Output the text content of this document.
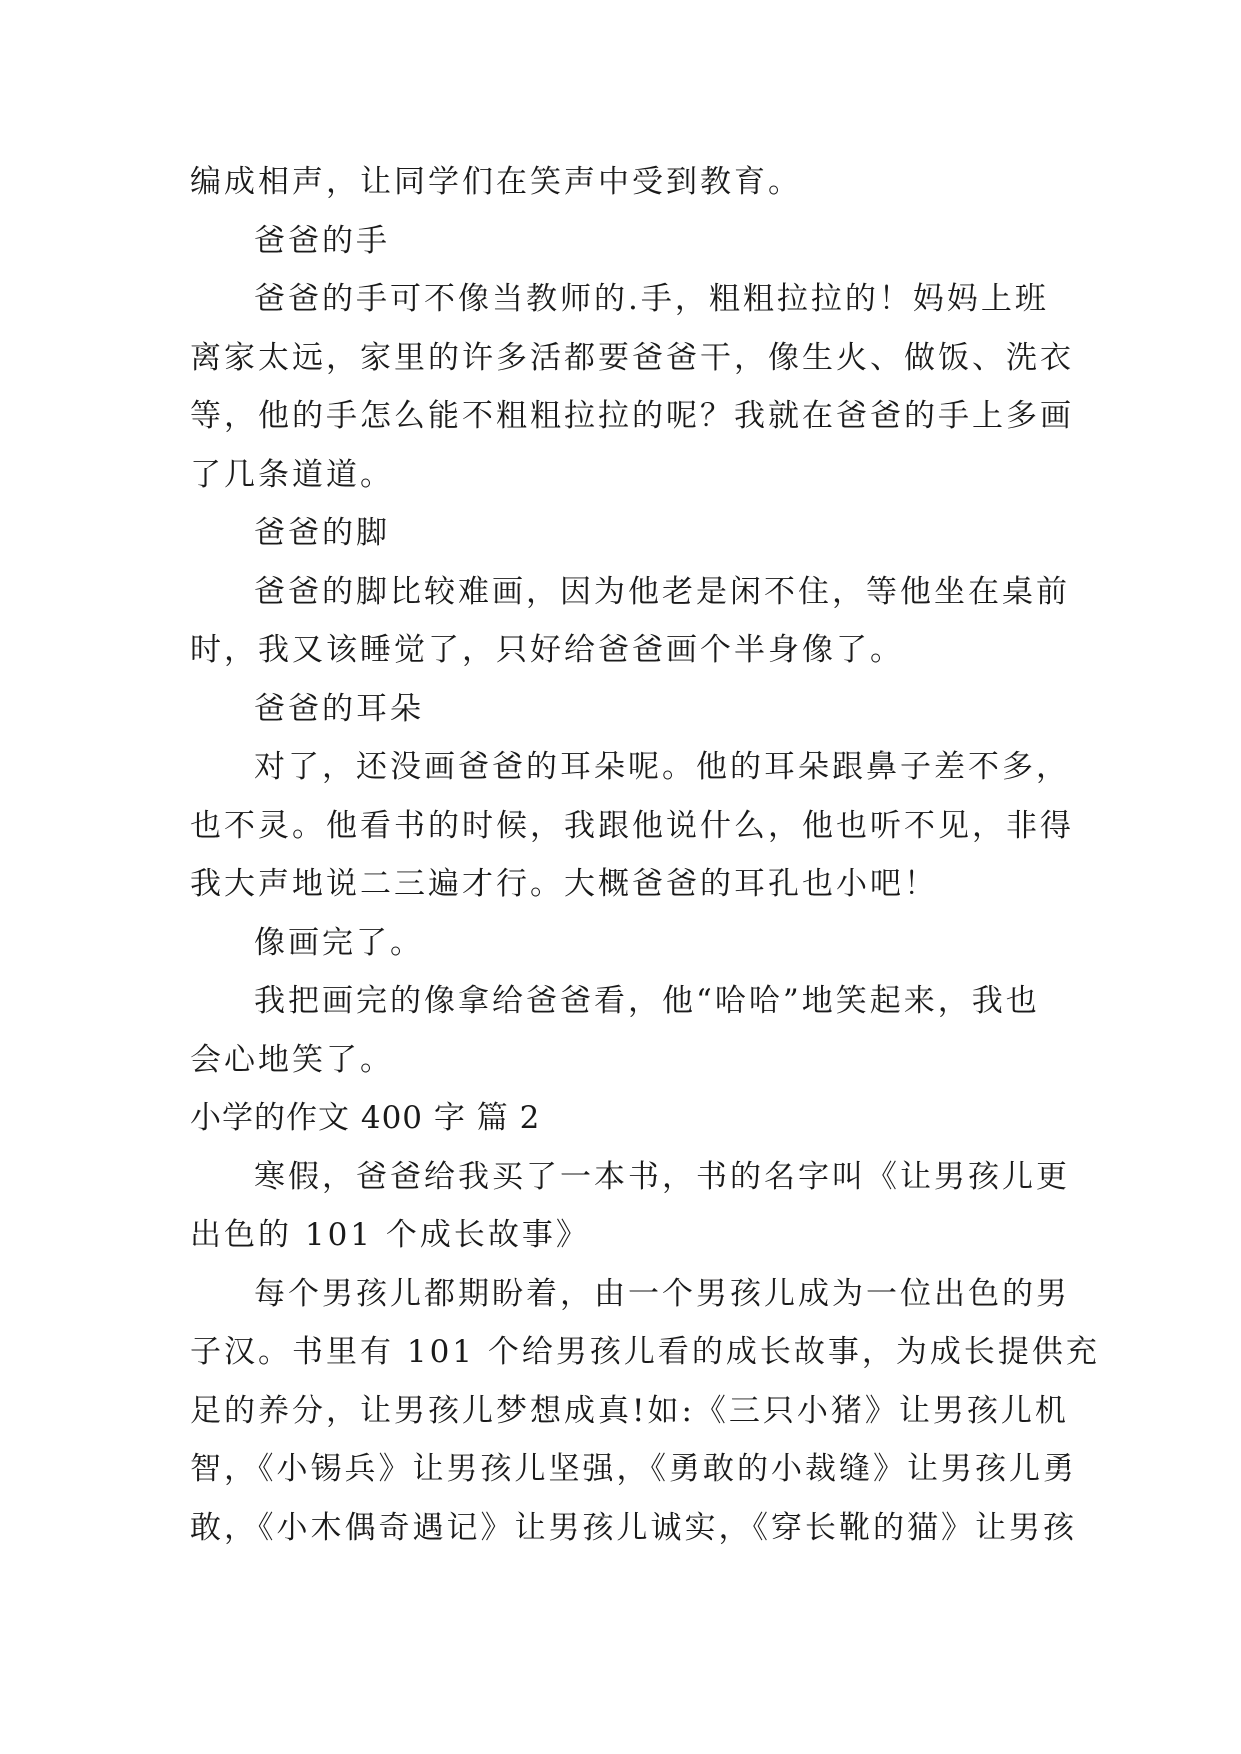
编成相声，让同学们在笑声中受到教育。
爸爸的手
爸爸的手可不像当教师的.手，粗粗拉拉的！妈妈上班
离家太远，家里的许多活都要爸爸干，像生火、做饭、洗衣
等，他的手怎么能不粗粗拉拉的呢？我就在爸爸的手上多画
了几条道道。
爸爸的脚
爸爸的脚比较难画，因为他老是闲不住，等他坐在桌前
时，我又该睡觉了，只好给爸爸画个半身像了。
爸爸的耳朵
对了，还没画爸爸的耳朵呢。他的耳朵跟鼻子差不多，
也不灵。他看书的时候，我跟他说什么，他也听不见，非得
我大声地说二三遍才行。大概爸爸的耳孔也小吧！
像画完了。
我把画完的像拿给爸爸看，他“哈哈”地笑起来，我也
会心地笑了。
小学的作文 400 字 篇 2
寒假，爸爸给我买了一本书，书的名字叫《让男孩儿更
出色的 101 个成长故事》
每个男孩儿都期盼着，由一个男孩儿成为一位出色的男
子汉。书里有 101 个给男孩儿看的成长故事，为成长提供充
足的养分，让男孩儿梦想成真!如:《三只小猪》让男孩儿机
智，《小锡兵》让男孩儿坚强，《勇敢的小裁缝》让男孩儿勇
敢，《小木偶奇遇记》让男孩儿诚实，《穿长靴的猫》让男孩
